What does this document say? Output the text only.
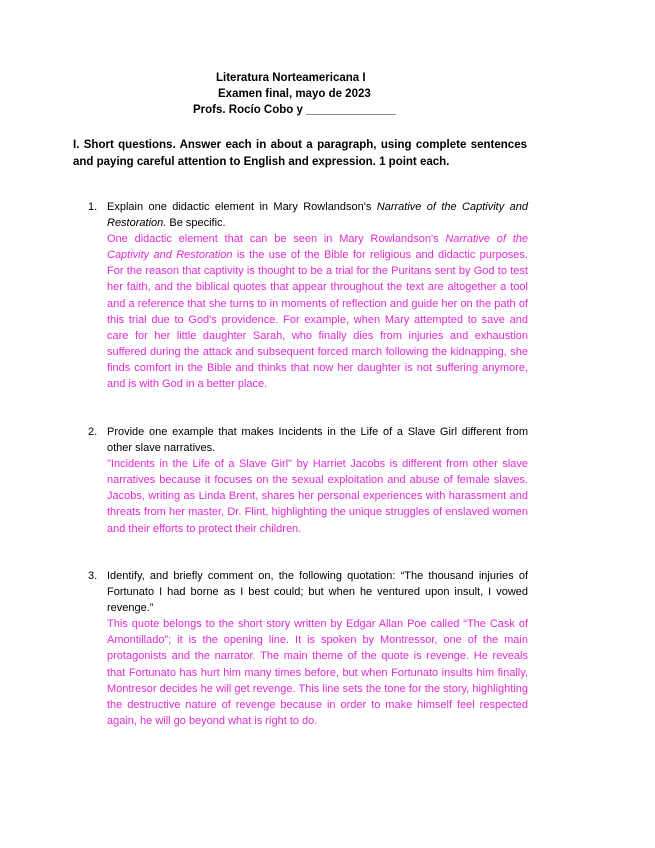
Literatura Norteamericana I
Examen final, mayo de 2023
Profs. Rocío Cobo y ______________
I. Short questions. Answer each in about a paragraph, using complete sentences and paying careful attention to English and expression. 1 point each.
1. Explain one didactic element in Mary Rowlandson's Narrative of the Captivity and Restoration. Be specific.
One didactic element that can be seen in Mary Rowlandson's Narrative of the Captivity and Restoration is the use of the Bible for religious and didactic purposes. For the reason that captivity is thought to be a trial for the Puritans sent by God to test her faith, and the biblical quotes that appear throughout the text are altogether a tool and a reference that she turns to in moments of reflection and guide her on the path of this trial due to God's providence. For example, when Mary attempted to save and care for her little daughter Sarah, who finally dies from injuries and exhaustion suffered during the attack and subsequent forced march following the kidnapping, she finds comfort in the Bible and thinks that now her daughter is not suffering anymore, and is with God in a better place.
2. Provide one example that makes Incidents in the Life of a Slave Girl different from other slave narratives.
"Incidents in the Life of a Slave Girl" by Harriet Jacobs is different from other slave narratives because it focuses on the sexual exploitation and abuse of female slaves. Jacobs, writing as Linda Brent, shares her personal experiences with harassment and threats from her master, Dr. Flint, highlighting the unique struggles of enslaved women and their efforts to protect their children.
3. Identify, and briefly comment on, the following quotation: “The thousand injuries of Fortunato I had borne as I best could; but when he ventured upon insult, I vowed revenge.”
This quote belongs to the short story written by Edgar Allan Poe called “The Cask of Amontillado”; it is the opening line. It is spoken by Montressor, one of the main protagonists and the narrator. The main theme of the quote is revenge. He reveals that Fortunato has hurt him many times before, but when Fortunato insults him finally, Montresor decides he will get revenge. This line sets the tone for the story, highlighting the destructive nature of revenge because in order to make himself feel respected again, he will go beyond what is right to do.
